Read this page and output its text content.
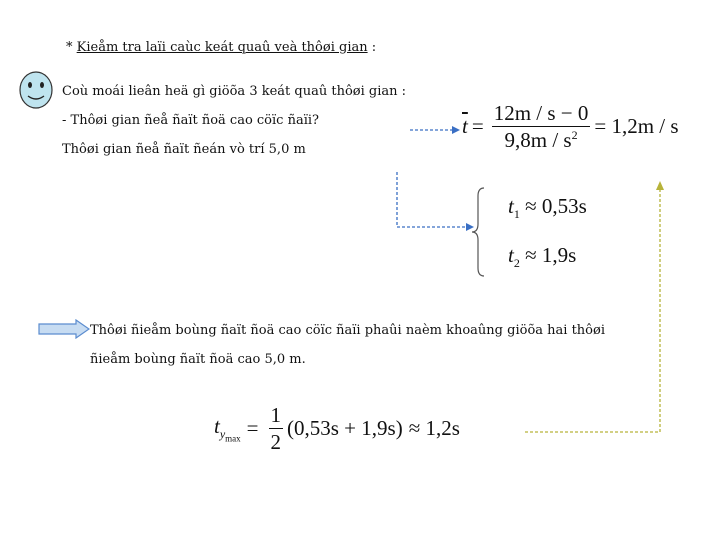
* Kieåm tra laïi caùc keát quaû veà thôøi gian :
Coù moái lieân heä gì giöõa 3 keát quaû thôøi gian :
- Thôøi gian ñeå ñaït ñoä cao cöïc ñaïi?
Thôøi gian ñeå ñaït ñeán vò trí 5,0 m
$\overline{t} = \frac{12m / s - 0}{9,8m / s^2} = 1,2m / s$
$t_1 \approx 0,53s$
$t_2 \approx 1,9s$
Thôøi ñieåm boùng ñaït ñoä cao cöïc ñaïi phaûi naèm khoaûng giöõa hai thôøi
ñieåm boùng ñaït ñoä cao 5,0 m.
$t_{y_{max}} = \frac{1}{2} (0,53s + 1,9s) \approx 1,2s$
